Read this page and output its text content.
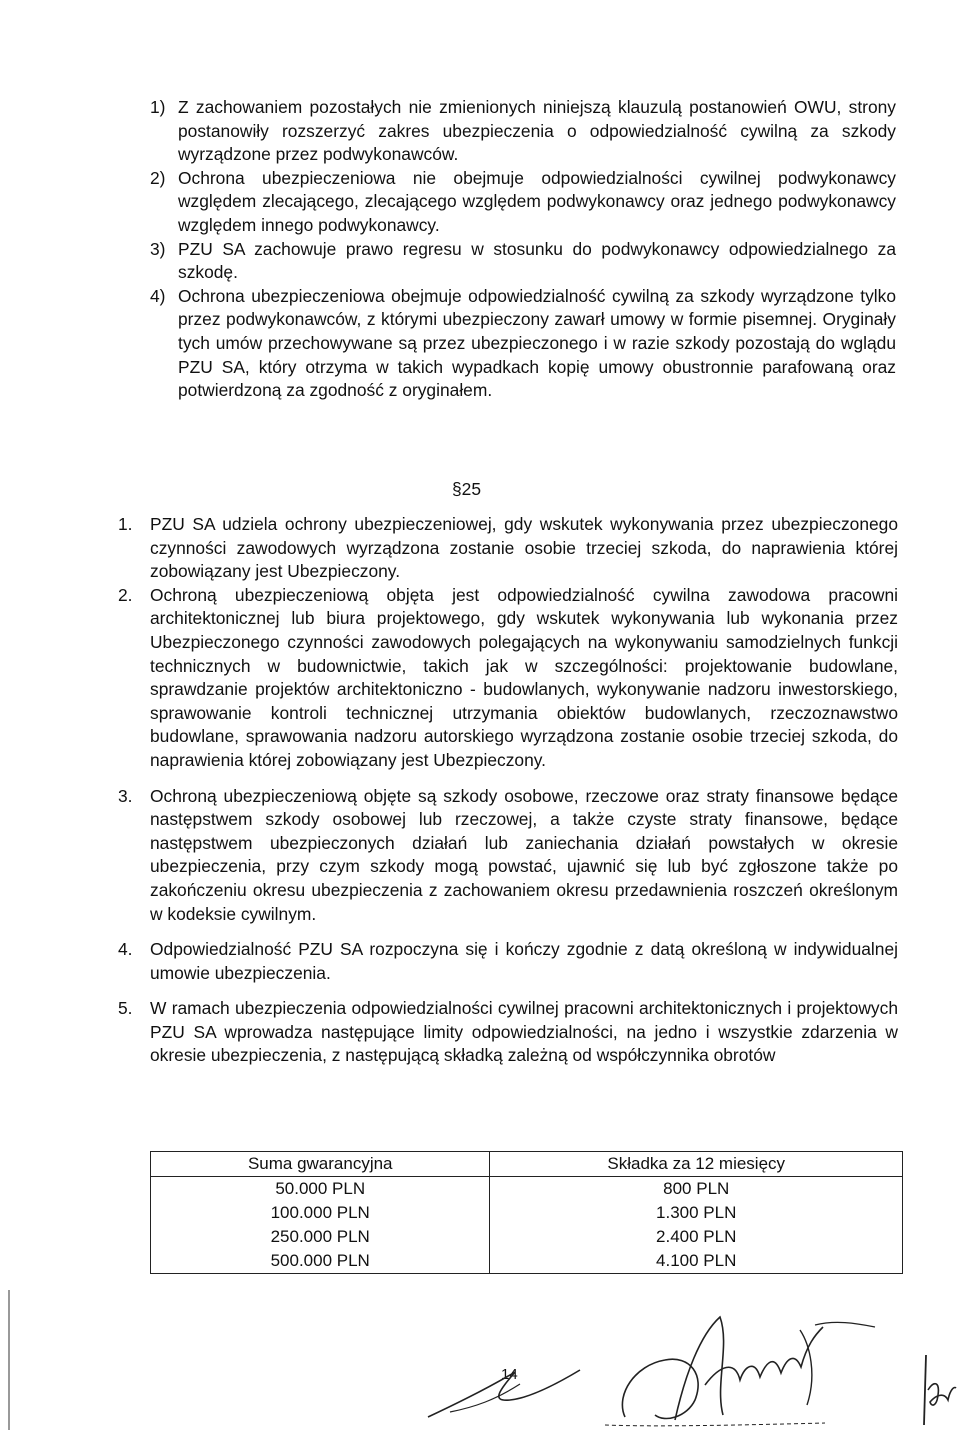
1) Z zachowaniem pozostałych nie zmienionych niniejszą klauzulą postanowień OWU, strony postanowiły rozszerzyć zakres ubezpieczenia o odpowiedzialność cywilną za szkody wyrządzone przez podwykonawców.
2) Ochrona ubezpieczeniowa nie obejmuje odpowiedzialności cywilnej podwykonawcy względem zlecającego, zlecającego względem podwykonawcy oraz jednego podwykonawcy względem innego podwykonawcy.
3) PZU SA zachowuje prawo regresu w stosunku do podwykonawcy odpowiedzialnego za szkodę.
4) Ochrona ubezpieczeniowa obejmuje odpowiedzialność cywilną za szkody wyrządzone tylko przez podwykonawców, z którymi ubezpieczony zawarł umowy w formie pisemnej. Oryginały tych umów przechowywane są przez ubezpieczonego i w razie szkody pozostają do wglądu PZU SA, który otrzyma w takich wypadkach kopię umowy obustronnie parafowaną oraz potwierdzoną za zgodność z oryginałem.
§25
1.	PZU SA udziela ochrony ubezpieczeniowej, gdy wskutek wykonywania przez ubezpieczonego czynności zawodowych wyrządzona zostanie osobie trzeciej szkoda, do naprawienia której zobowiązany jest Ubezpieczony.
2.	Ochroną ubezpieczeniową objęta jest odpowiedzialność cywilna zawodowa pracowni architektonicznej lub biura projektowego, gdy wskutek wykonywania lub wykonania przez Ubezpieczonego czynności zawodowych polegających na wykonywaniu samodzielnych funkcji technicznych w budownictwie, takich jak w szczególności: projektowanie budowlane, sprawdzanie projektów architektoniczno - budowlanych, wykonywanie nadzoru inwestorskiego, sprawowanie kontroli technicznej utrzymania obiektów budowlanych, rzeczoznawstwo budowlane, sprawowania nadzoru autorskiego wyrządzona zostanie osobie trzeciej szkoda, do naprawienia której zobowiązany jest Ubezpieczony.
3.	Ochroną ubezpieczeniową objęte są szkody osobowe, rzeczowe oraz straty finansowe będące następstwem szkody osobowej lub rzeczowej, a także czyste straty finansowe, będące następstwem ubezpieczonych działań lub zaniechania działań powstałych w okresie ubezpieczenia, przy czym szkody mogą powstać, ujawnić się lub być zgłoszone także po zakończeniu okresu ubezpieczenia z zachowaniem okresu przedawnienia roszczeń określonym w kodeksie cywilnym.
4.	Odpowiedzialność PZU SA rozpoczyna się i kończy zgodnie z datą określoną w indywidualnej umowie ubezpieczenia.
5.	W ramach ubezpieczenia odpowiedzialności cywilnej pracowni architektonicznych i projektowych PZU SA wprowadza następujące limity odpowiedzialności, na jedno i wszystkie zdarzenia w okresie ubezpieczenia, z następującą składką zależną od współczynnika obrotów
Suma gwarancyjna	Składka za 12 miesięcy
50.000 PLN	800 PLN
100.000 PLN	1.300 PLN
250.000 PLN	2.400 PLN
500.000 PLN	4.100 PLN
14
